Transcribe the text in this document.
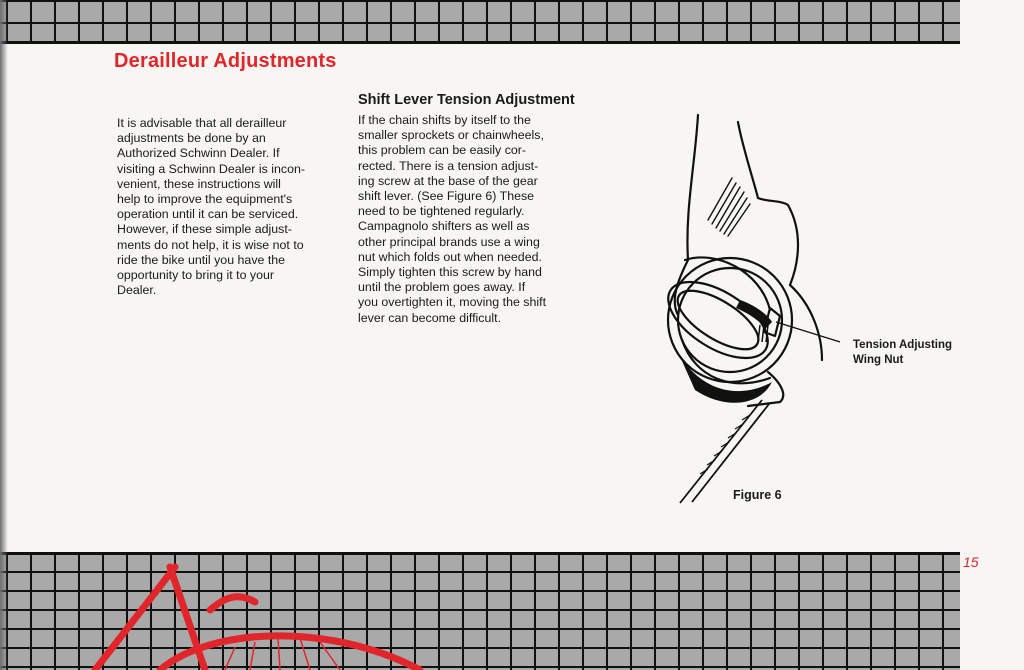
Derailleur Adjustments

It is advisable that all derailleur
adjustments be done by an
Authorized Schwinn Dealer. If
visiting a Schwinn Dealer is incon-
venient, these instructions will
help to improve the equipment's
operation until it can be serviced.
However, if these simple adjust-
ments do not help, it is wise not to
ride the bike until you have the
opportunity to bring it to your
Dealer.

Shift Lever Tension Adjustment

If the chain shifts by itself to the
smaller sprockets or chainwheels,
this problem can be easily cor-
rected. There is a tension adjust-
ing screw at the base of the gear
shift lever. (See Figure 6) These
need to be tightened regularly.
Campagnolo shifters as well as
other principal brands use a wing
nut which folds out when needed.
Simply tighten this screw by hand
until the problem goes away. If
you overtighten it, moving the shift
lever can become difficult.

Tension Adjusting
Wing Nut

Figure 6

15
